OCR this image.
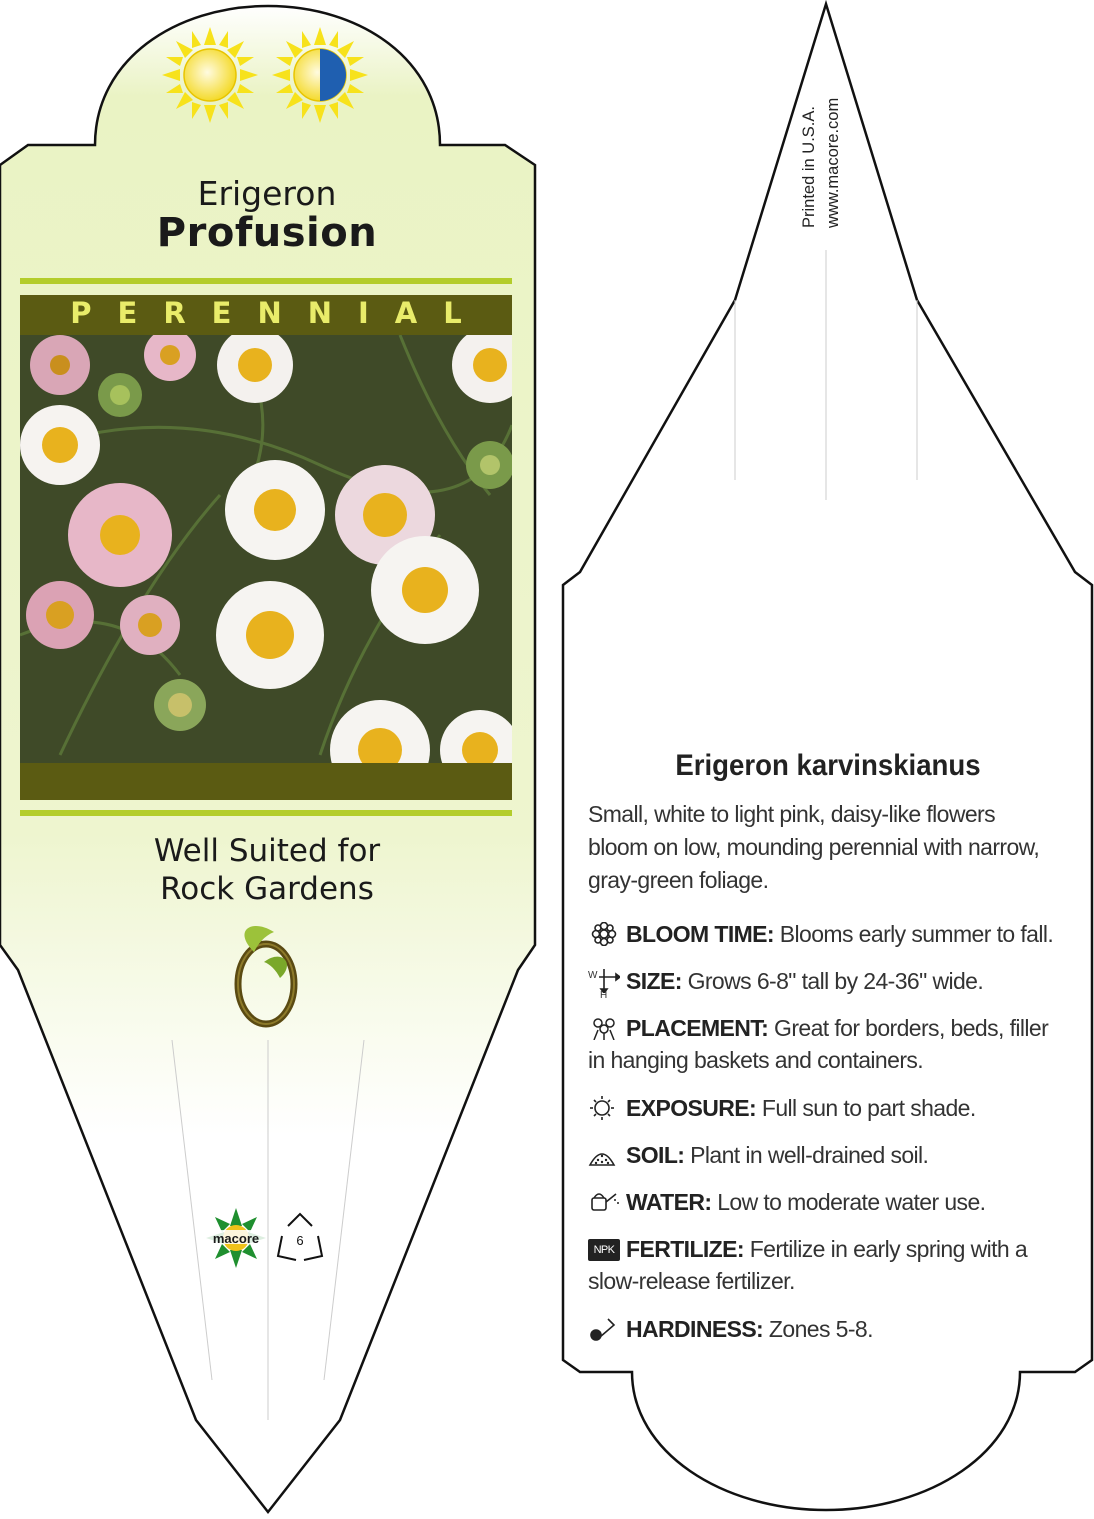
Erigeron
Profusion
PERENNIAL
Well Suited for
Rock Gardens
macore	6
Printed in U.S.A. www.macore.com
Erigeron karvinskianus
Small, white to light pink, daisy-like flowers bloom on low, mounding perennial with narrow, gray-green foliage.
BLOOM TIME: Blooms early summer to fall.
W
H
SIZE: Grows 6-8" tall by 24-36" wide.
PLACEMENT: Great for borders, beds, filler in hanging baskets and containers.
EXPOSURE: Full sun to part shade.
SOIL: Plant in well-drained soil.
WATER: Low to moderate water use.
NPK FERTILIZE: Fertilize in early spring with a slow-release fertilizer.
HARDINESS: Zones 5-8.
